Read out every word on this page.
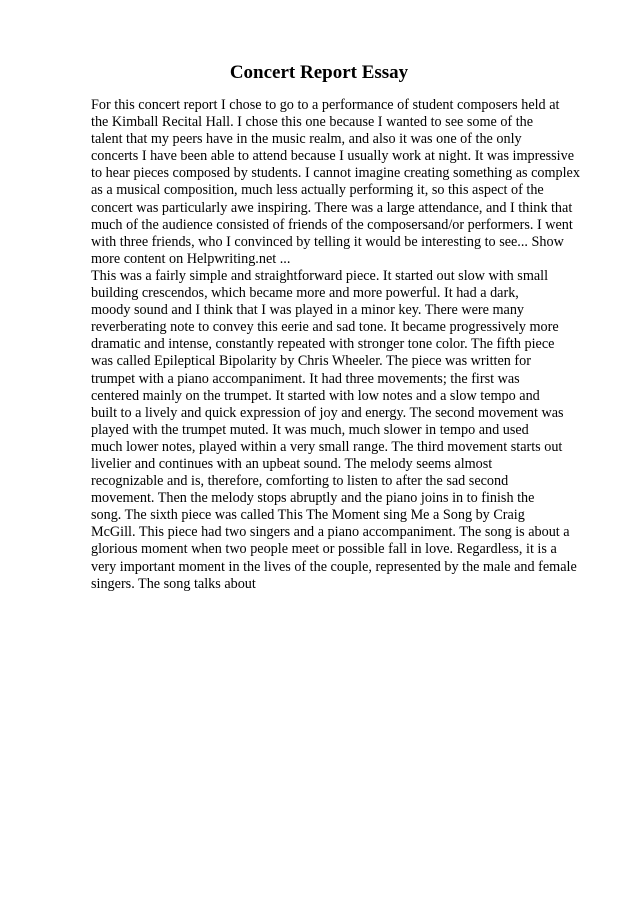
Concert Report Essay
For this concert report I chose to go to a performance of student composers held at
the Kimball Recital Hall. I chose this one because I wanted to see some of the
talent that my peers have in the music realm, and also it was one of the only
concerts I have been able to attend because I usually work at night. It was impressive
to hear pieces composed by students. I cannot imagine creating something as complex
as a musical composition, much less actually performing it, so this aspect of the
concert was particularly awe inspiring. There was a large attendance, and I think that
much of the audience consisted of friends of the composersand/or performers. I went
with three friends, who I convinced by telling it would be interesting to see... Show
more content on Helpwriting.net ...
This was a fairly simple and straightforward piece. It started out slow with small
building crescendos, which became more and more powerful. It had a dark,
moody sound and I think that I was played in a minor key. There were many
reverberating note to convey this eerie and sad tone. It became progressively more
dramatic and intense, constantly repeated with stronger tone color. The fifth piece
was called Epileptical Bipolarity by Chris Wheeler. The piece was written for
trumpet with a piano accompaniment. It had three movements; the first was
centered mainly on the trumpet. It started with low notes and a slow tempo and
built to a lively and quick expression of joy and energy. The second movement was
played with the trumpet muted. It was much, much slower in tempo and used
much lower notes, played within a very small range. The third movement starts out
livelier and continues with an upbeat sound. The melody seems almost
recognizable and is, therefore, comforting to listen to after the sad second
movement. Then the melody stops abruptly and the piano joins in to finish the
song. The sixth piece was called This The Moment sing Me a Song by Craig
McGill. This piece had two singers and a piano accompaniment. The song is about a
glorious moment when two people meet or possible fall in love. Regardless, it is a
very important moment in the lives of the couple, represented by the male and female
singers. The song talks about
